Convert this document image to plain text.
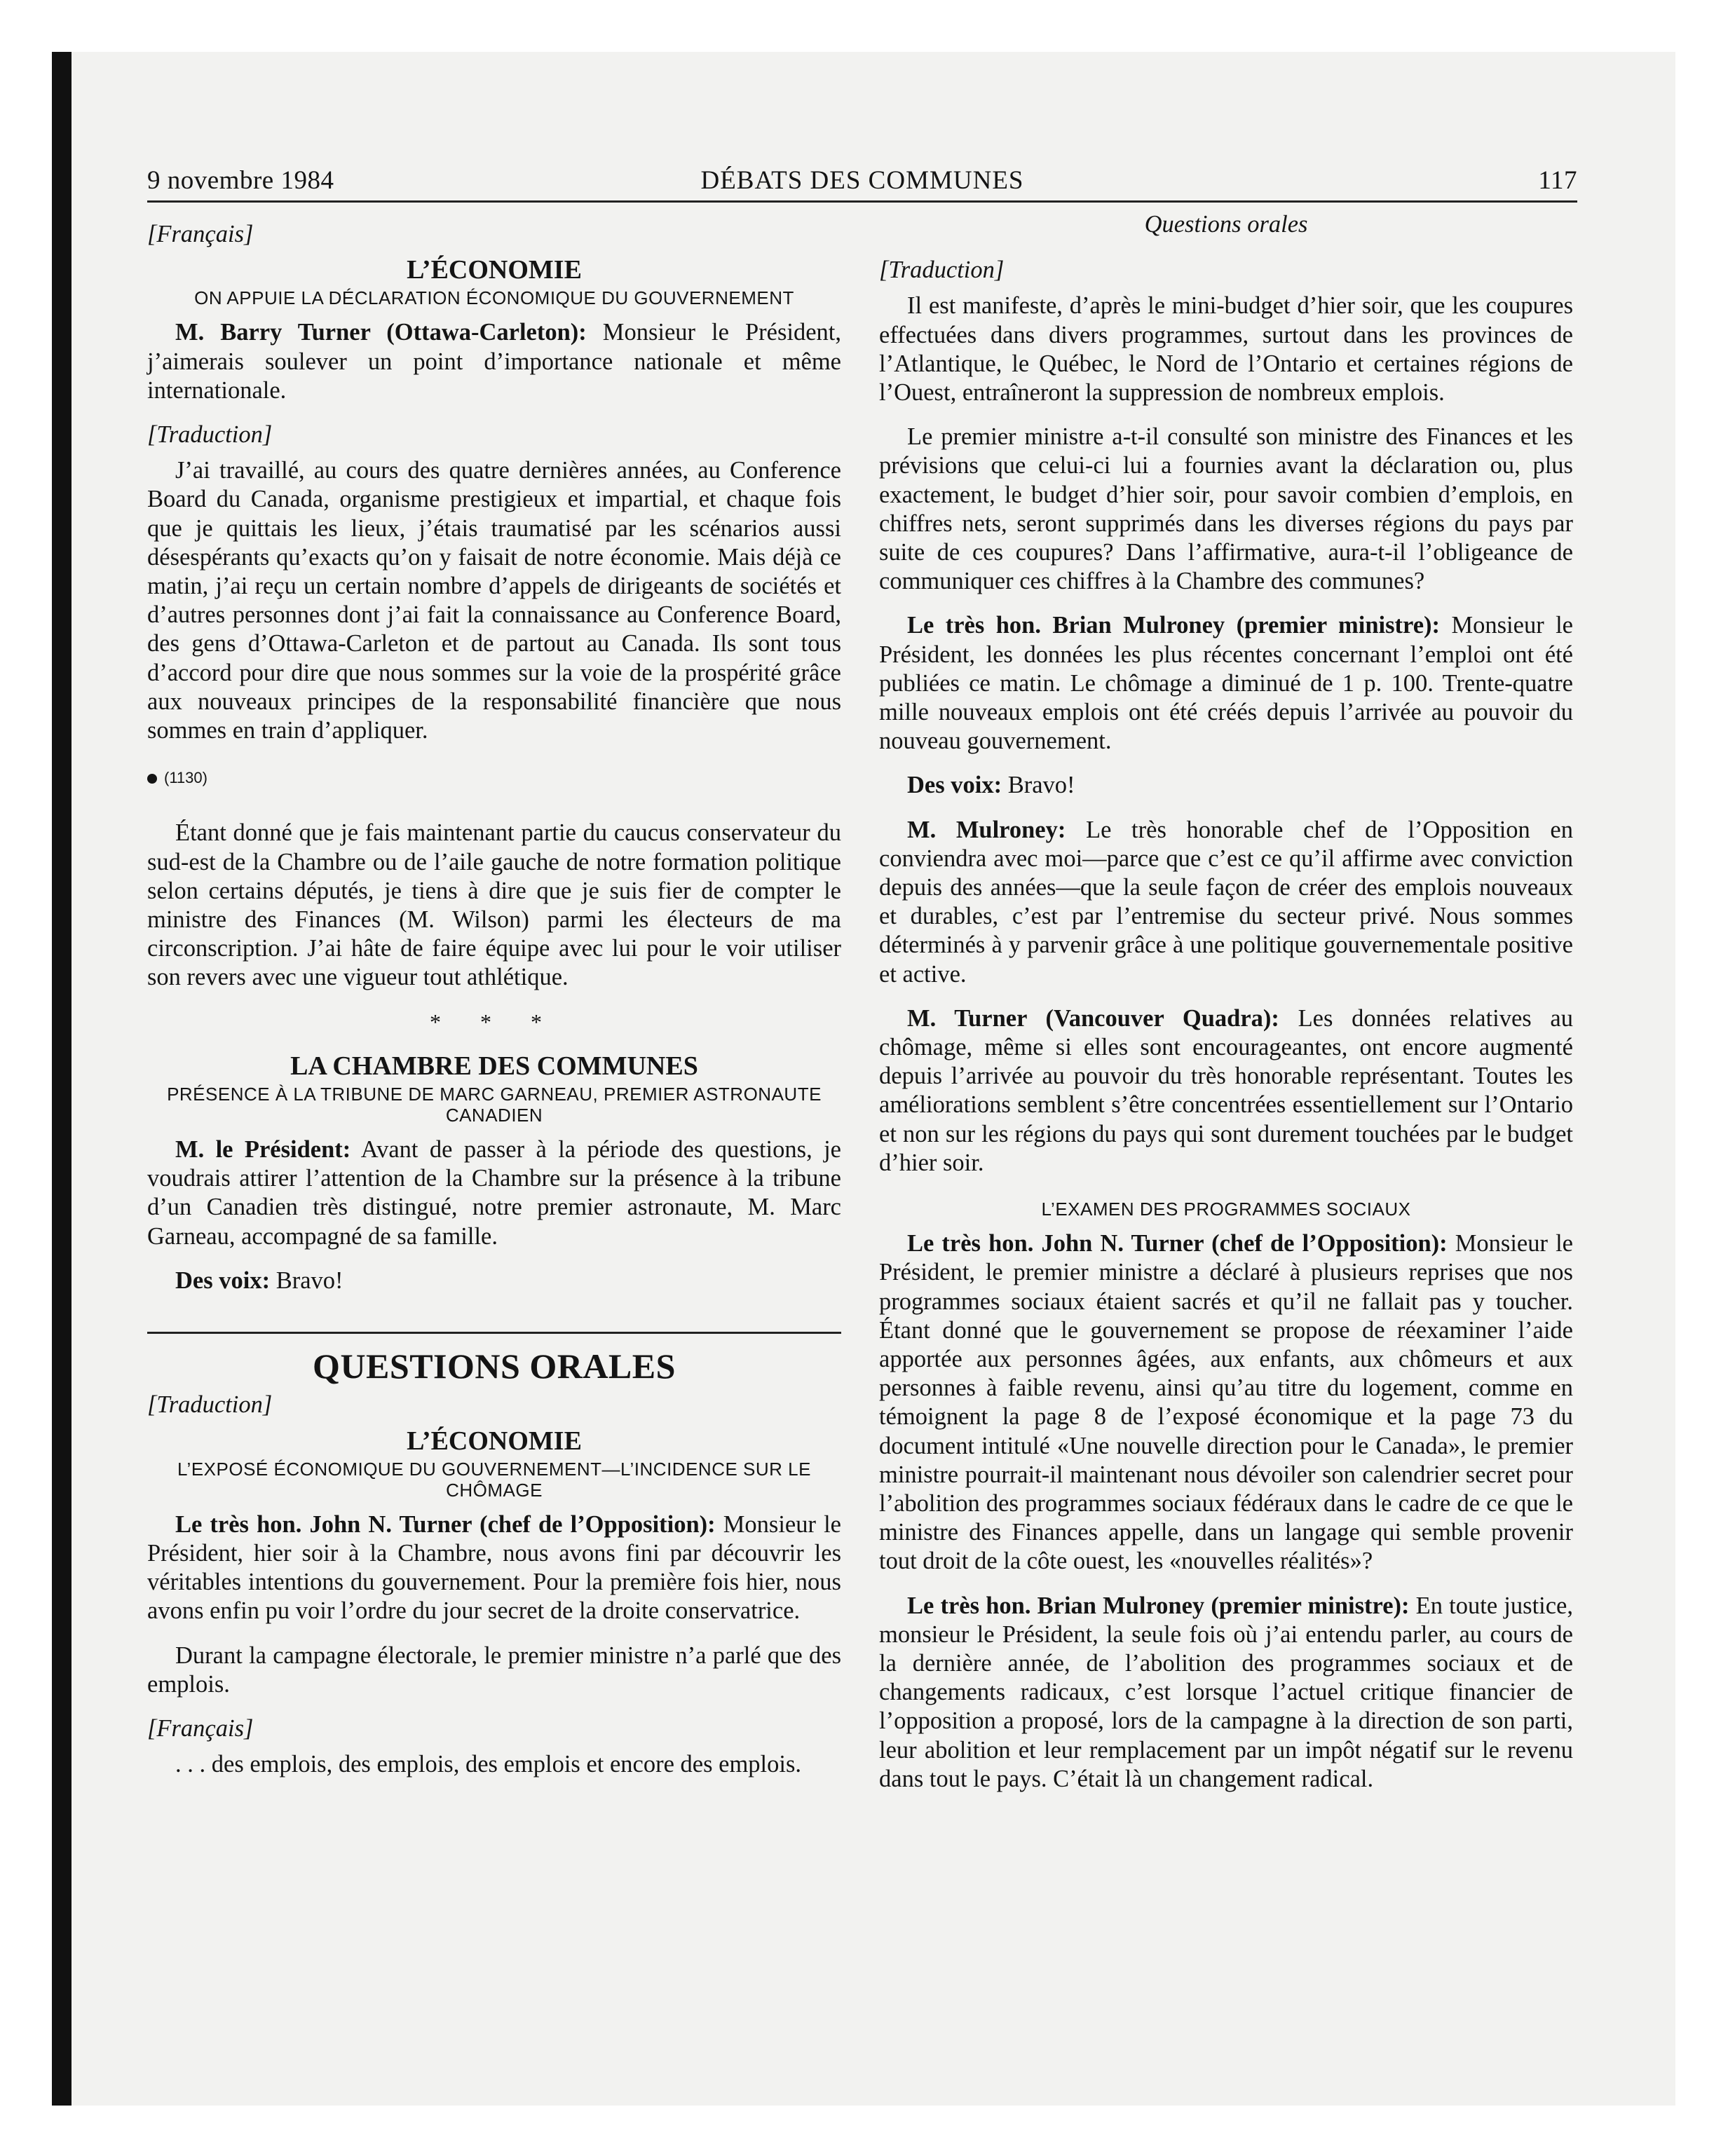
9 novembre 1984	DÉBATS DES COMMUNES	117
[Français]
L’ÉCONOMIE
ON APPUIE LA DÉCLARATION ÉCONOMIQUE DU GOUVERNEMENT

M. Barry Turner (Ottawa-Carleton): Monsieur le Président, j’aimerais soulever un point d’importance nationale et même internationale.

[Traduction]

J’ai travaillé, au cours des quatre dernières années, au Conference Board du Canada, organisme prestigieux et impartial, et chaque fois que je quittais les lieux, j’étais traumatisé par les scénarios aussi désespérants qu’exacts qu’on y faisait de notre économie. Mais déjà ce matin, j’ai reçu un certain nombre d’appels de dirigeants de sociétés et d’autres personnes dont j’ai fait la connaissance au Conference Board, des gens d’Ottawa-Carleton et de partout au Canada. Ils sont tous d’accord pour dire que nous sommes sur la voie de la prospérité grâce aux nouveaux principes de la responsabilité financière que nous sommes en train d’appliquer.

(1130)

Étant donné que je fais maintenant partie du caucus conservateur du sud-est de la Chambre ou de l’aile gauche de notre formation politique selon certains députés, je tiens à dire que je suis fier de compter le ministre des Finances (M. Wilson) parmi les électeurs de ma circonscription. J’ai hâte de faire équipe avec lui pour le voir utiliser son revers avec une vigueur tout athlétique.

* * *
LA CHAMBRE DES COMMUNES
PRÉSENCE À LA TRIBUNE DE MARC GARNEAU, PREMIER ASTRONAUTE CANADIEN

M. le Président: Avant de passer à la période des questions, je voudrais attirer l’attention de la Chambre sur la présence à la tribune d’un Canadien très distingué, notre premier astronaute, M. Marc Garneau, accompagné de sa famille.

Des voix: Bravo!

QUESTIONS ORALES
[Traduction]
L’ÉCONOMIE
L’EXPOSÉ ÉCONOMIQUE DU GOUVERNEMENT—L’INCIDENCE SUR LE CHÔMAGE

Le très hon. John N. Turner (chef de l’Opposition): Monsieur le Président, hier soir à la Chambre, nous avons fini par découvrir les véritables intentions du gouvernement. Pour la première fois hier, nous avons enfin pu voir l’ordre du jour secret de la droite conservatrice.

Durant la campagne électorale, le premier ministre n’a parlé que des emplois.

[Français]

. . . des emplois, des emplois, des emplois et encore des emplois.

Questions orales
[Traduction]

Il est manifeste, d’après le mini-budget d’hier soir, que les coupures effectuées dans divers programmes, surtout dans les provinces de l’Atlantique, le Québec, le Nord de l’Ontario et certaines régions de l’Ouest, entraîneront la suppression de nombreux emplois.

Le premier ministre a-t-il consulté son ministre des Finances et les prévisions que celui-ci lui a fournies avant la déclaration ou, plus exactement, le budget d’hier soir, pour savoir combien d’emplois, en chiffres nets, seront supprimés dans les diverses régions du pays par suite de ces coupures? Dans l’affirmative, aura-t-il l’obligeance de communiquer ces chiffres à la Chambre des communes?

Le très hon. Brian Mulroney (premier ministre): Monsieur le Président, les données les plus récentes concernant l’emploi ont été publiées ce matin. Le chômage a diminué de 1 p. 100. Trente-quatre mille nouveaux emplois ont été créés depuis l’arrivée au pouvoir du nouveau gouvernement.

Des voix: Bravo!

M. Mulroney: Le très honorable chef de l’Opposition en conviendra avec moi—parce que c’est ce qu’il affirme avec conviction depuis des années—que la seule façon de créer des emplois nouveaux et durables, c’est par l’entremise du secteur privé. Nous sommes déterminés à y parvenir grâce à une politique gouvernementale positive et active.

M. Turner (Vancouver Quadra): Les données relatives au chômage, même si elles sont encourageantes, ont encore augmenté depuis l’arrivée au pouvoir du très honorable représentant. Toutes les améliorations semblent s’être concentrées essentiellement sur l’Ontario et non sur les régions du pays qui sont durement touchées par le budget d’hier soir.

L’EXAMEN DES PROGRAMMES SOCIAUX

Le très hon. John N. Turner (chef de l’Opposition): Monsieur le Président, le premier ministre a déclaré à plusieurs reprises que nos programmes sociaux étaient sacrés et qu’il ne fallait pas y toucher. Étant donné que le gouvernement se propose de réexaminer l’aide apportée aux personnes âgées, aux enfants, aux chômeurs et aux personnes à faible revenu, ainsi qu’au titre du logement, comme en témoignent la page 8 de l’exposé économique et la page 73 du document intitulé «Une nouvelle direction pour le Canada», le premier ministre pourrait-il maintenant nous dévoiler son calendrier secret pour l’abolition des programmes sociaux fédéraux dans le cadre de ce que le ministre des Finances appelle, dans un langage qui semble provenir tout droit de la côte ouest, les «nouvelles réalités»?

Le très hon. Brian Mulroney (premier ministre): En toute justice, monsieur le Président, la seule fois où j’ai entendu parler, au cours de la dernière année, de l’abolition des programmes sociaux et de changements radicaux, c’est lorsque l’actuel critique financier de l’opposition a proposé, lors de la campagne à la direction de son parti, leur abolition et leur remplacement par un impôt négatif sur le revenu dans tout le pays. C’était là un changement radical.
